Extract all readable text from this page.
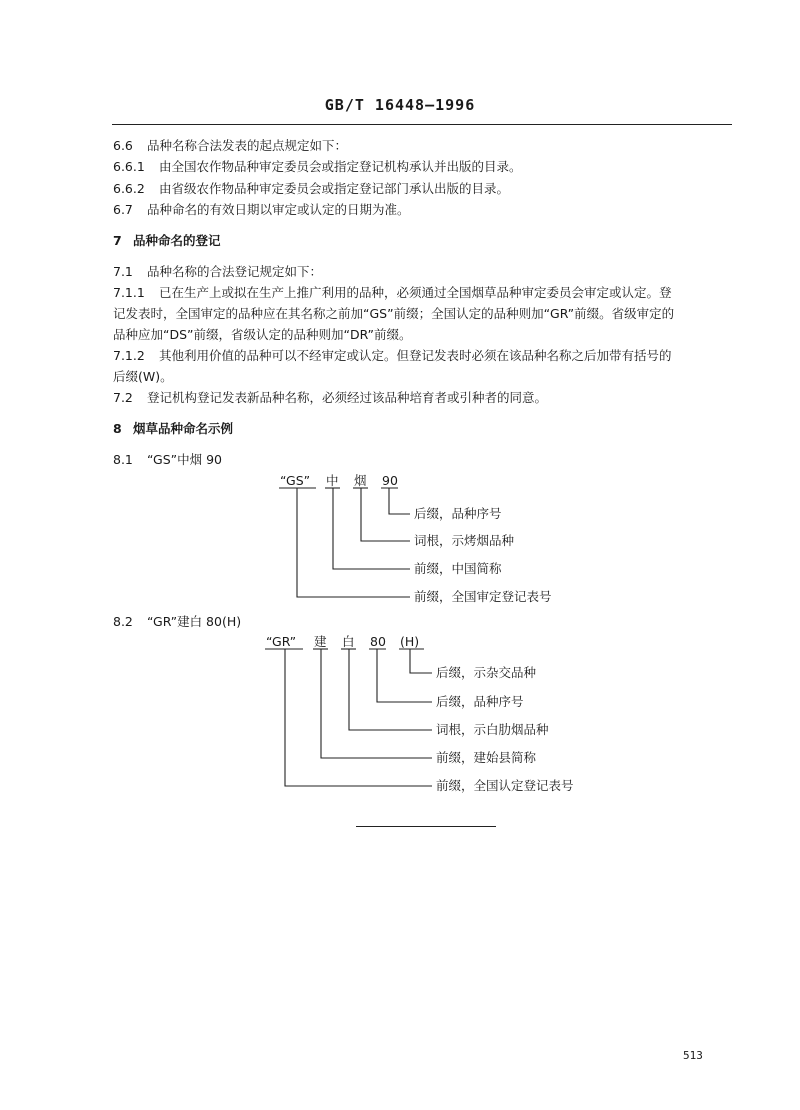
GB/T 16448—1996
6.6 品种名称合法发表的起点规定如下：
6.6.1 由全国农作物品种审定委员会或指定登记机构承认并出版的目录。
6.6.2 由省级农作物品种审定委员会或指定登记部门承认出版的目录。
6.7 品种命名的有效日期以审定或认定的日期为准。
7 品种命名的登记
7.1 品种名称的合法登记规定如下：
7.1.1 已在生产上或拟在生产上推广利用的品种，必须通过全国烟草品种审定委员会审定或认定。登
记发表时，全国审定的品种应在其名称之前加“GS”前缀；全国认定的品种则加“GR”前缀。省级审定的
品种应加“DS”前缀，省级认定的品种则加“DR”前缀。
7.1.2 其他利用价值的品种可以不经审定或认定。但登记发表时必须在该品种名称之后加带有括号的
后缀(W)。
7.2 登记机构登记发表新品种名称，必须经过该品种培育者或引种者的同意。
8 烟草品种命名示例
8.1 “GS”中烟 90
“GS” 中 烟 90
后缀，品种序号
词根，示烤烟品种
前缀，中国简称
前缀，全国审定登记表号
8.2 “GR”建白 80(H)
“GR” 建 白 80 (H)
后缀，示杂交品种
后缀，品种序号
词根，示白肋烟品种
前缀，建始县简称
前缀，全国认定登记表号
513
